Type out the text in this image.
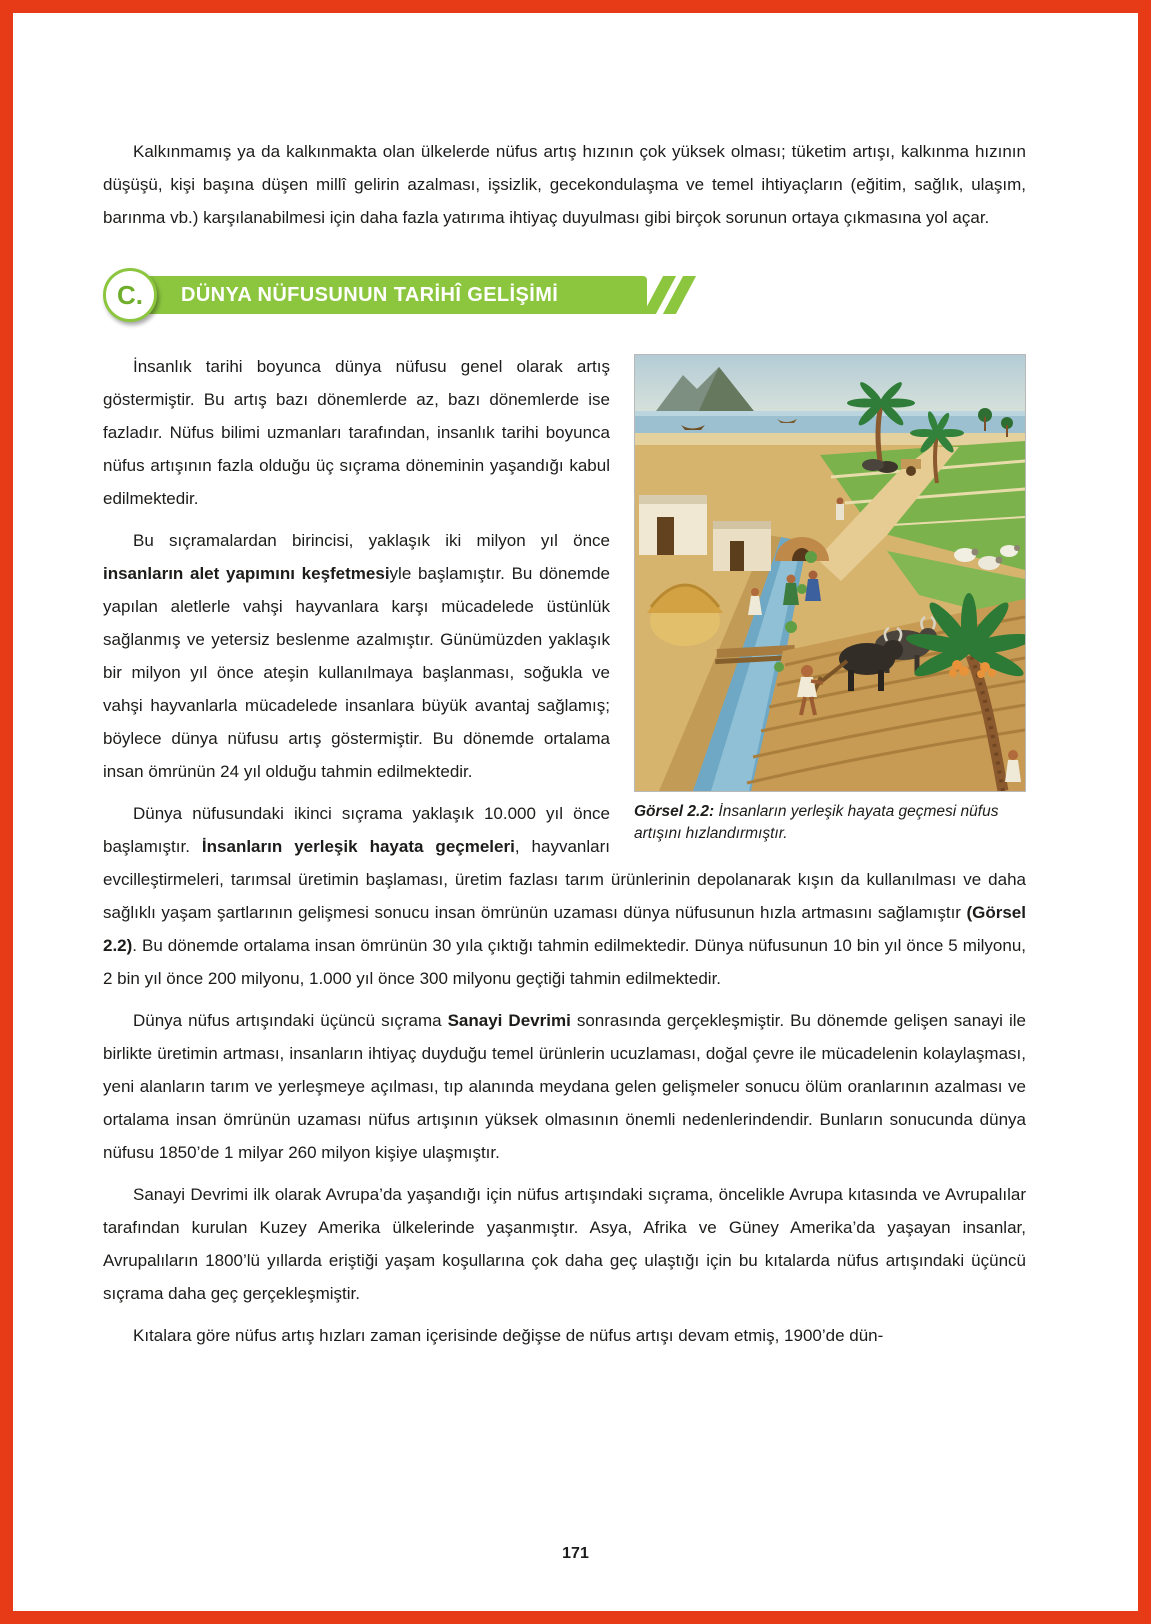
Kalkınmamış ya da kalkınmakta olan ülkelerde nüfus artış hızının çok yüksek olması; tüketim artışı, kalkınma hızının düşüşü, kişi başına düşen millî gelirin azalması, işsizlik, gecekondulaşma ve temel ihtiyaçların (eğitim, sağlık, ulaşım, barınma vb.) karşılanabilmesi için daha fazla yatırıma ihtiyaç duyulması gibi birçok sorunun ortaya çıkmasına yol açar.

DÜNYA NÜFUSUNUN TARİHÎ GELİŞİMİ
C.
Görsel 2.2: İnsanların yerleşik hayata geçmesi nüfus artışını hızlandırmıştır.

İnsanlık tarihi boyunca dünya nüfusu genel olarak artış göstermiştir. Bu artış bazı dönemlerde az, bazı dönemlerde ise fazladır. Nüfus bilimi uzmanları tarafından, insanlık tarihi boyunca nüfus artışının fazla olduğu üç sıçrama döneminin yaşandığı kabul edilmektedir.

Bu sıçramalardan birincisi, yaklaşık iki milyon yıl önce insanların alet yapımını keşfetmesiyle başlamıştır. Bu dönemde yapılan aletlerle vahşi hayvanlara karşı mücadelede üstünlük sağlanmış ve yetersiz beslenme azalmıştır. Günümüzden yaklaşık bir milyon yıl önce ateşin kullanılmaya başlanması, soğukla ve vahşi hayvanlarla mücadelede insanlara büyük avantaj sağlamış; böylece dünya nüfusu artış göstermiştir. Bu dönemde ortalama insan ömrünün 24 yıl olduğu tahmin edilmektedir.

Dünya nüfusundaki ikinci sıçrama yaklaşık 10.000 yıl önce başlamıştır. İnsanların yerleşik hayata geçmeleri, hayvanları evcilleştirmeleri, tarımsal üretimin başlaması, üretim fazlası tarım ürünlerinin depolanarak kışın da kullanılması ve daha sağlıklı yaşam şartlarının gelişmesi sonucu insan ömrünün uzaması dünya nüfusunun hızla artmasını sağlamıştır (Görsel 2.2). Bu dönemde ortalama insan ömrünün 30 yıla çıktığı tahmin edilmektedir. Dünya nüfusunun 10 bin yıl önce 5 milyonu, 2 bin yıl önce 200 milyonu, 1.000 yıl önce 300 milyonu geçtiği tahmin edilmektedir.

Dünya nüfus artışındaki üçüncü sıçrama Sanayi Devrimi sonrasında gerçekleşmiştir. Bu dönemde gelişen sanayi ile birlikte üretimin artması, insanların ihtiyaç duyduğu temel ürünlerin ucuzlaması, doğal çevre ile mücadelenin kolaylaşması, yeni alanların tarım ve yerleşmeye açılması, tıp alanında meydana gelen gelişmeler sonucu ölüm oranlarının azalması ve ortalama insan ömrünün uzaması nüfus artışının yüksek olmasının önemli nedenlerindendir. Bunların sonucunda dünya nüfusu 1850’de 1 milyar 260 milyon kişiye ulaşmıştır.

Sanayi Devrimi ilk olarak Avrupa’da yaşandığı için nüfus artışındaki sıçrama, öncelikle Avrupa kıtasında ve Avrupalılar tarafından kurulan Kuzey Amerika ülkelerinde yaşanmıştır. Asya, Afrika ve Güney Amerika’da yaşayan insanlar, Avrupalıların 1800’lü yıllarda eriştiği yaşam koşullarına çok daha geç ulaştığı için bu kıtalarda nüfus artışındaki üçüncü sıçrama daha geç gerçekleşmiştir.

Kıtalara göre nüfus artış hızları zaman içerisinde değişse de nüfus artışı devam etmiş, 1900’de dün-

171
